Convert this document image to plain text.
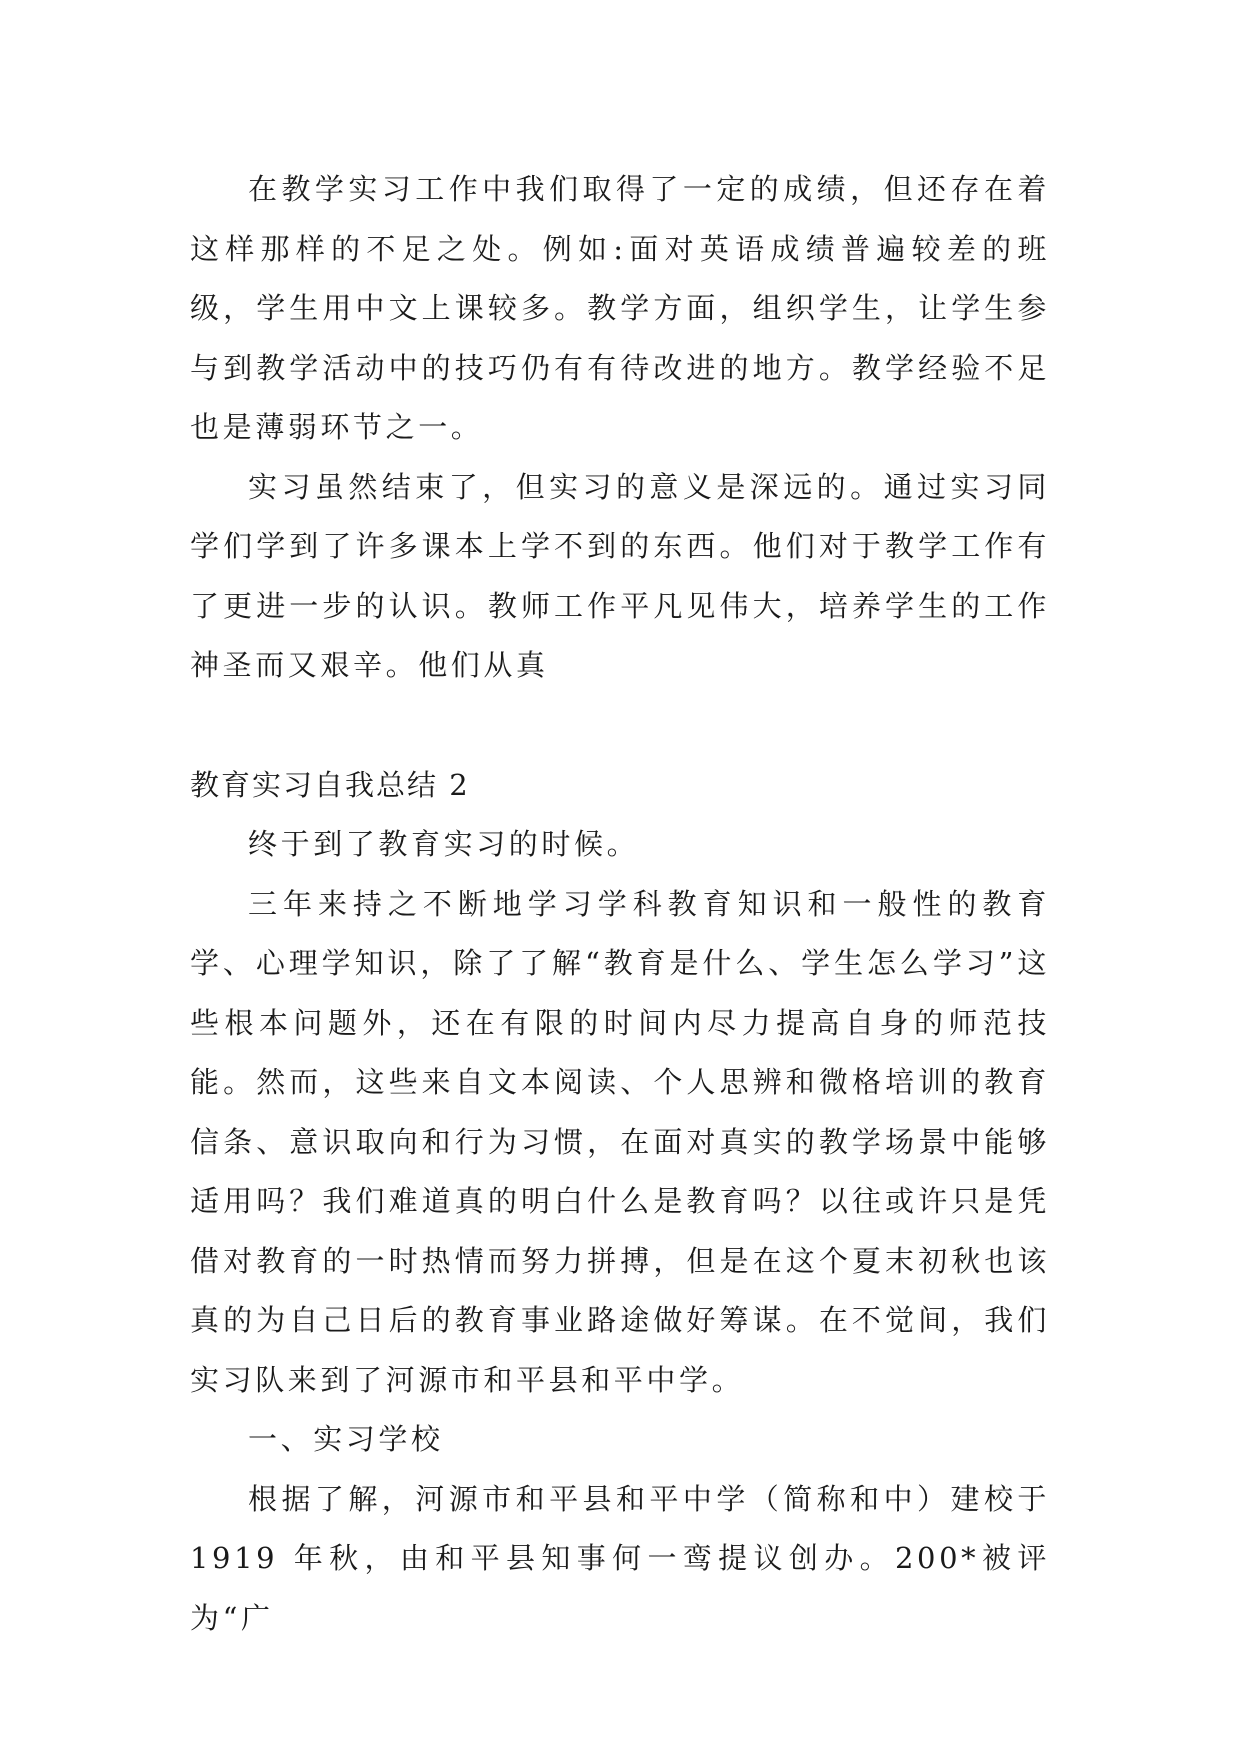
在教学实习工作中我们取得了一定的成绩，但还存在着这样那样的不足之处。例如:面对英语成绩普遍较差的班级，学生用中文上课较多。教学方面，组织学生，让学生参与到教学活动中的技巧仍有有待改进的地方。教学经验不足也是薄弱环节之一。

实习虽然结束了，但实习的意义是深远的。通过实习同学们学到了许多课本上学不到的东西。他们对于教学工作有了更进一步的认识。教师工作平凡见伟大，培养学生的工作神圣而又艰辛。他们从真

教育实习自我总结 2

终于到了教育实习的时候。

三年来持之不断地学习学科教育知识和一般性的教育学、心理学知识，除了了解“教育是什么、学生怎么学习”这些根本问题外，还在有限的时间内尽力提高自身的师范技能。然而，这些来自文本阅读、个人思辨和微格培训的教育信条、意识取向和行为习惯，在面对真实的教学场景中能够适用吗？我们难道真的明白什么是教育吗？以往或许只是凭借对教育的一时热情而努力拼搏，但是在这个夏末初秋也该真的为自己日后的教育事业路途做好筹谋。在不觉间，我们实习队来到了河源市和平县和平中学。

一、实习学校

根据了解，河源市和平县和平中学（简称和中）建校于1919 年秋，由和平县知事何一鸾提议创办。200*被评为“广
